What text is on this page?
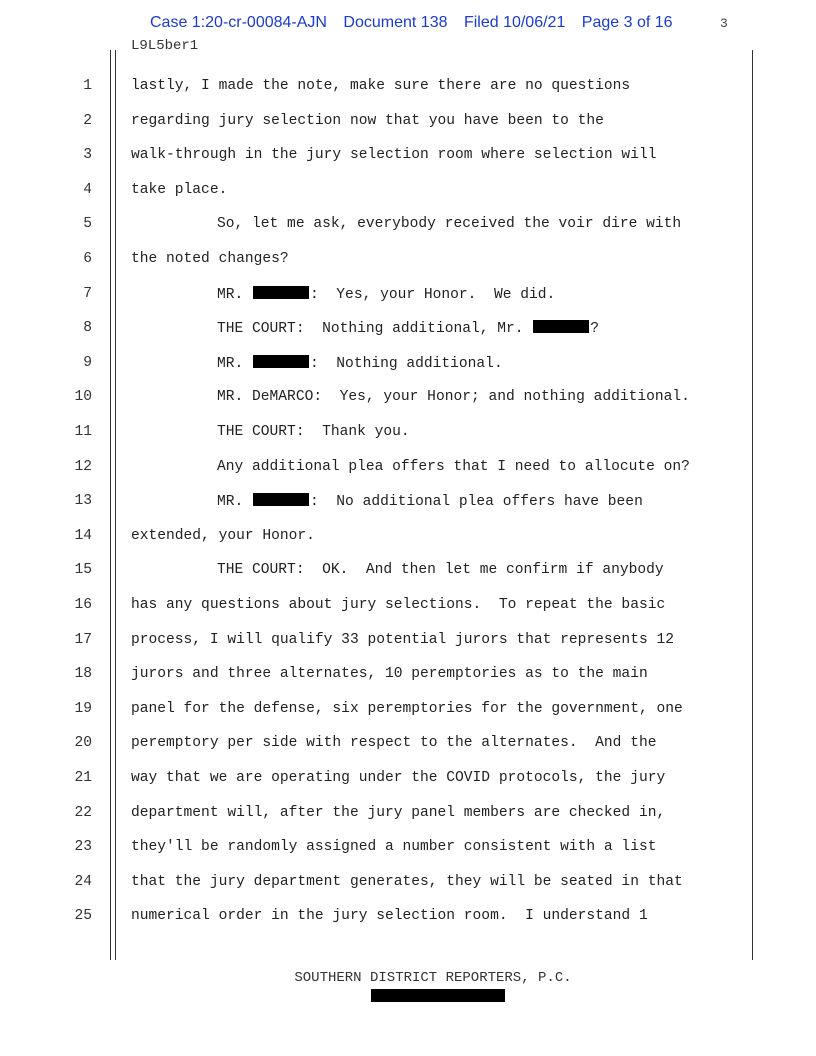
Case 1:20-cr-00084-AJN Document 138 Filed 10/06/21 Page 3 of 16	3
L9L5ber1
1	lastly, I made the note, make sure there are no questions
2	regarding jury selection now that you have been to the
3	walk-through in the jury selection room where selection will
4	take place.
5	So, let me ask, everybody received the voir dire with
6	the noted changes?
7	MR.	:  Yes, your Honor.  We did.
8	THE COURT:  Nothing additional, Mr.	?
9	MR.	:  Nothing additional.
10	MR. DeMARCO:  Yes, your Honor; and nothing additional.
11	THE COURT:  Thank you.
12	Any additional plea offers that I need to allocute on?
13	MR.	:  No additional plea offers have been
14	extended, your Honor.
15	THE COURT:  OK.  And then let me confirm if anybody
16	has any questions about jury selections.  To repeat the basic
17	process, I will qualify 33 potential jurors that represents 12
18	jurors and three alternates, 10 peremptories as to the main
19	panel for the defense, six peremptories for the government, one
20	peremptory per side with respect to the alternates.  And the
21	way that we are operating under the COVID protocols, the jury
22	department will, after the jury panel members are checked in,
23	they'll be randomly assigned a number consistent with a list
24	that the jury department generates, they will be seated in that
25	numerical order in the jury selection room.  I understand 1
SOUTHERN DISTRICT REPORTERS, P.C.
